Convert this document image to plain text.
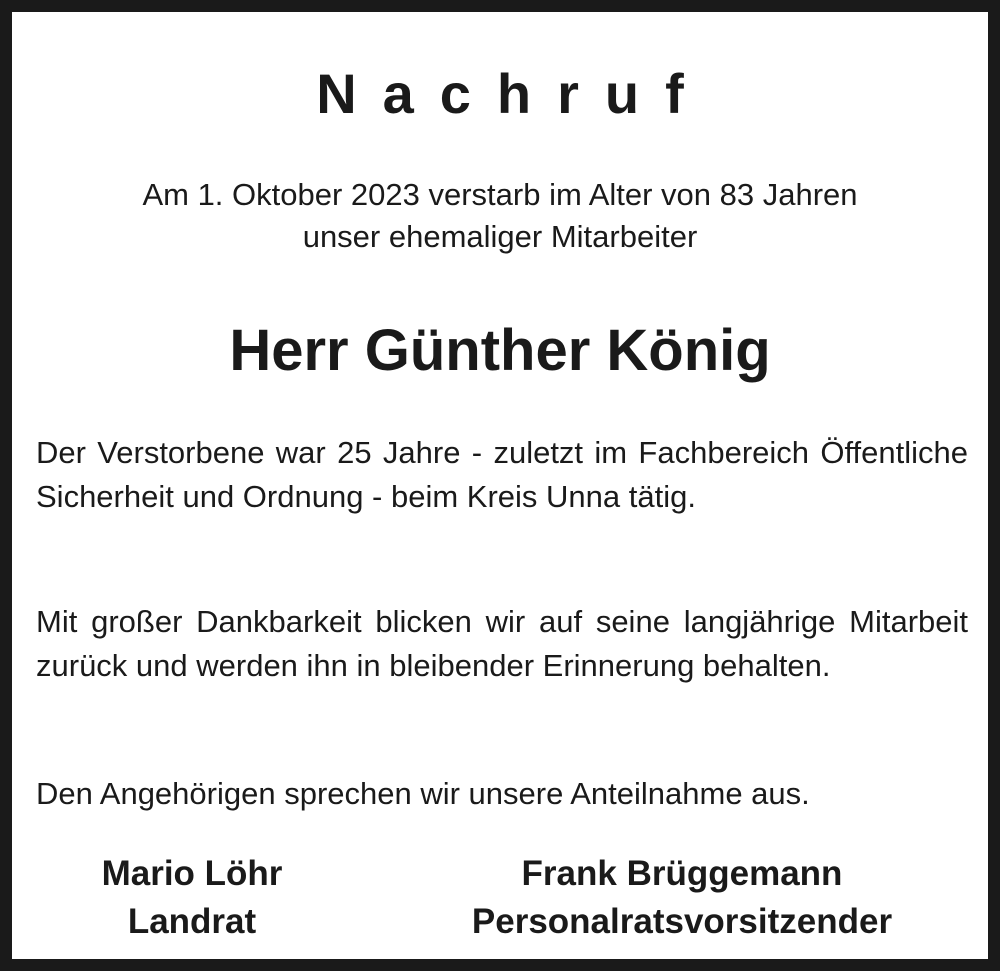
Nachruf
Am 1. Oktober 2023 verstarb im Alter von 83 Jahren
unser ehemaliger Mitarbeiter
Herr Günther König
Der Verstorbene war 25 Jahre - zuletzt im Fachbereich Öffentliche Sicherheit und Ordnung - beim Kreis Unna tätig.
Mit großer Dankbarkeit blicken wir auf seine langjährige Mitarbeit zurück und werden ihn in bleibender Erinnerung behalten.
Den Angehörigen sprechen wir unsere Anteilnahme aus.
Mario Löhr
Landrat
Frank Brüggemann
Personalratsvorsitzender
